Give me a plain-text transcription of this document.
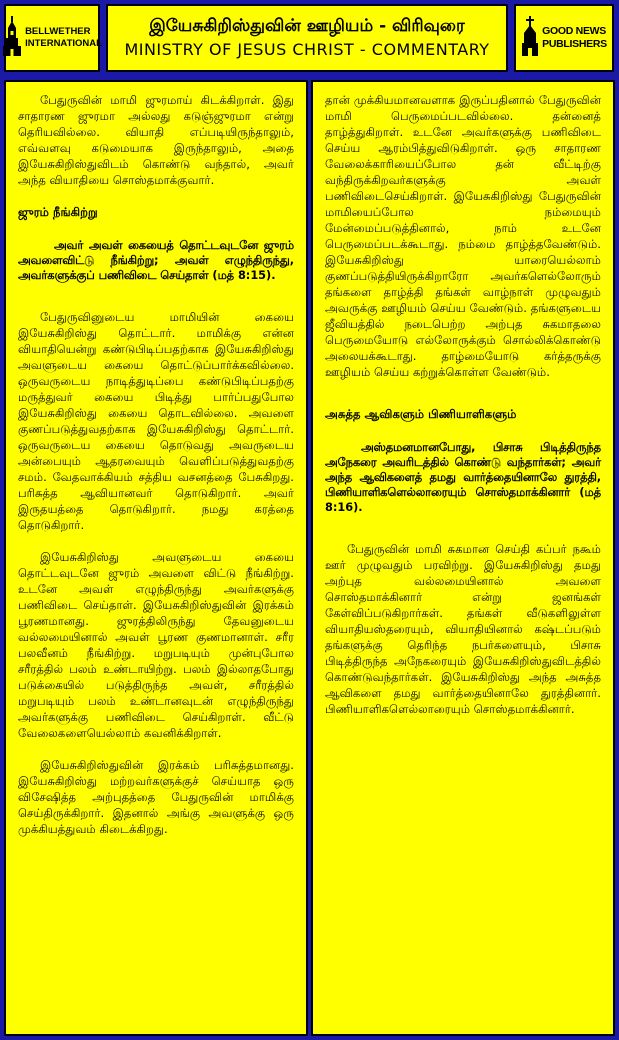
BELLWETHER
INTERNATIONAL
இயேசுகிறிஸ்துவின் ஊழியம் - விரிவுரை
MINISTRY OF JESUS CHRIST - COMMENTARY
GOOD NEWS
PUBLISHERS

பேதுருவின் மாமி ஜுரமாய் கிடக்கிறாள். இது சாதாரண ஜுரமா அல்லது கடுஞ்ஜுரமா என்று தெரியவில்லை. வியாதி எப்படியிருந்தாலும், எவ்வளவு கடுமையாக இருந்தாலும், அதை இயேசுகிறிஸ்துவிடம் கொண்டு வந்தால், அவர் அந்த வியாதியை சொஸ்தமாக்குவார்.

ஜுரம் நீங்கிற்று

அவர் அவள் கையைத் தொட்டவுடனே ஜுரம் அவளைவிட்டு நீங்கிற்று; அவள் எழுந்திருந்து, அவர்களுக்குப் பணிவிடை செய்தாள் (மத் 8:15).

பேதுருவினுடைய மாமியின் கையை இயேசுகிறிஸ்து தொட்டார். மாமிக்கு என்ன வியாதியென்று கண்டுபிடிப்பதற்காக இயேசுகிறிஸ்து அவளுடைய கையை தொட்டுப்பார்க்கவில்லை. ஒருவருடைய நாடித்துடிப்பை கண்டுபிடிப்பதற்கு மருத்துவர் கையை பிடித்து பார்ப்பதுபோல இயேசுகிறிஸ்து கையை தொடவில்லை. அவளை குணப்படுத்துவதற்காக இயேசுகிறிஸ்து தொட்டார். ஒருவருடைய கையை தொடுவது அவருடைய அன்பையும் ஆதரவையும் வெளிப்படுத்துவதற்கு சமம். வேதவாக்கியம் சத்திய வசனத்தை பேசுகிறது. பரிசுத்த ஆவியானவர் தொடுகிறார். அவர் இருதயத்தை தொடுகிறார். நமது கரத்தை தொடுகிறார்.

இயேசுகிறிஸ்து அவளுடைய கையை தொட்டவுடனே ஜுரம் அவளை விட்டு நீங்கிற்று. உடனே அவள் எழுந்திருந்து அவர்களுக்கு பணிவிடை செய்தாள். இயேசுகிறிஸ்துவின் இரக்கம் பூரணமானது. ஜுரத்திலிருந்து தேவனுடைய வல்லமையினால் அவள் பூரண குணமானாள். சரீர பலவீனம் நீங்கிற்று. மறுபடியும் முன்புபோல சரீரத்தில் பலம் உண்டாயிற்று. பலம் இல்லாதபோது படுக்கையில் படுத்திருந்த அவள், சரீரத்தில் மறுபடியும் பலம் உண்டானவுடன் எழுந்திருந்து அவர்களுக்கு பணிவிடை செய்கிறாள். வீட்டு வேலைகளையெல்லாம் கவனிக்கிறாள்.

இயேசுகிறிஸ்துவின் இரக்கம் பரிசுத்தமானது. இயேசுகிறிஸ்து மற்றவர்களுக்குச் செய்யாத ஒரு விசேஷித்த அற்புதத்தை பேதுருவின் மாமிக்கு செய்திருக்கிறார். இதனால் அங்கு அவளுக்கு ஒரு முக்கியத்துவம் கிடைக்கிறது.

தான் முக்கியமானவளாக இருப்பதினால் பேதுருவின் மாமி பெருமைப்படவில்லை. தன்னைத் தாழ்த்துகிறாள். உடனே அவர்களுக்கு பணிவிடை செய்ய ஆரம்பித்துவிடுகிறாள். ஒரு சாதாரண வேலைக்காரியைப்போல தன் வீட்டிற்கு வந்திருக்கிறவர்களுக்கு அவள் பணிவிடைசெய்கிறாள். இயேசுகிறிஸ்து பேதுருவின் மாமியைப்போல நம்மையும் மேன்மைப்படுத்தினால், நாம் உடனே பெருமைப்படக்கூடாது. நம்மை தாழ்த்தவேண்டும். இயேசுகிறிஸ்து யாரையெல்லாம் குணப்படுத்தியிருக்கிறாரோ அவர்களெல்லோரும் தங்களை தாழ்த்தி தங்கள் வாழ்நாள் முழுவதும் அவருக்கு ஊழியம் செய்ய வேண்டும். தங்களுடைய ஜீவியத்தில் நடைபெற்ற அற்புத சுகமாதலை பெருமையோடு எல்லோருக்கும் சொல்லிக்கொண்டு அலையக்கூடாது. தாழ்மையோடு கர்த்தருக்கு ஊழியம் செய்ய கற்றுக்கொள்ள வேண்டும்.

அசுத்த ஆவிகளும் பிணியாளிகளும்

அஸ்தமனமானபோது, பிசாசு பிடித்திருந்த அநேகரை அவரிடத்தில் கொண்டு வந்தார்கள்; அவர் அந்த ஆவிகளைத் தமது வார்த்தையினாலே துரத்தி, பிணியாளிகளெல்லாரையும் சொஸ்தமாக்கினார் (மத் 8:16).

பேதுருவின் மாமி சுகமான செய்தி கப்பர் நகூம் ஊர் முழுவதும் பரவிற்று. இயேசுகிறிஸ்து தமது அற்புத வல்லமையினால் அவளை சொஸ்தமாக்கினார் என்று ஜனங்கள் கேள்விப்படுகிறார்கள். தங்கள் வீடுகளிலுள்ள வியாதியஸ்தரையும், வியாதியினால் கஷ்டப்படும் தங்களுக்கு தெரிந்த நபர்களையும், பிசாசு பிடித்திருந்த அநேகரையும் இயேசுகிறிஸ்துவிடத்தில் கொண்டுவந்தார்கள். இயேசுகிறிஸ்து அந்த அசுத்த ஆவிகளை தமது வார்த்தையினாலே துரத்தினார். பிணியாளிகளெல்லாரையும் சொஸ்தமாக்கினார்.
